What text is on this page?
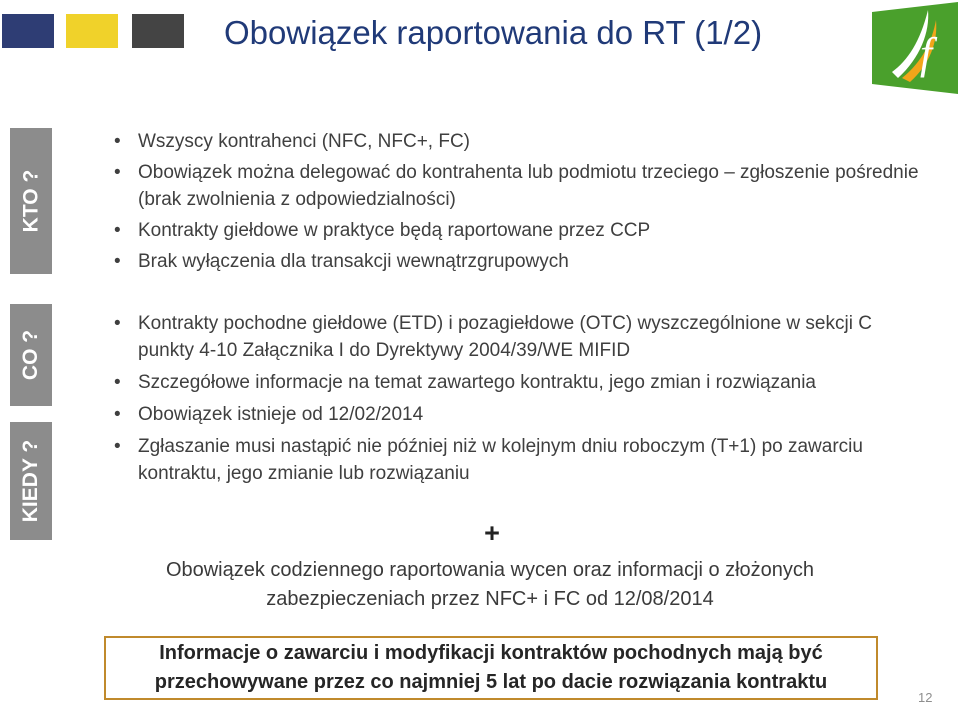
Obowiązek raportowania do RT (1/2)	f
KTO ?
CO ?
KIEDY ?
• Wszyscy kontrahenci (NFC, NFC+, FC)
• Obowiązek można delegować do kontrahenta lub podmiotu trzeciego – zgłoszenie pośrednie (brak zwolnienia z odpowiedzialności)
• Kontrakty giełdowe w praktyce będą raportowane przez CCP
• Brak wyłączenia dla transakcji wewnątrzgrupowych
• Kontrakty pochodne giełdowe (ETD) i pozagiełdowe (OTC) wyszczególnione w sekcji C punkty 4-10 Załącznika I do Dyrektywy 2004/39/WE MIFID
• Szczegółowe informacje na temat zawartego kontraktu, jego zmian i rozwiązania
• Obowiązek istnieje od 12/02/2014
• Zgłaszanie musi nastąpić nie później niż w kolejnym dniu roboczym (T+1) po zawarciu kontraktu, jego zmianie lub rozwiązaniu
+
Obowiązek codziennego raportowania wycen oraz informacji o złożonych zabezpieczeniach przez NFC+ i FC od 12/08/2014
Informacje o zawarciu i modyfikacji kontraktów pochodnych mają być przechowywane przez co najmniej 5 lat po dacie rozwiązania kontraktu
12
